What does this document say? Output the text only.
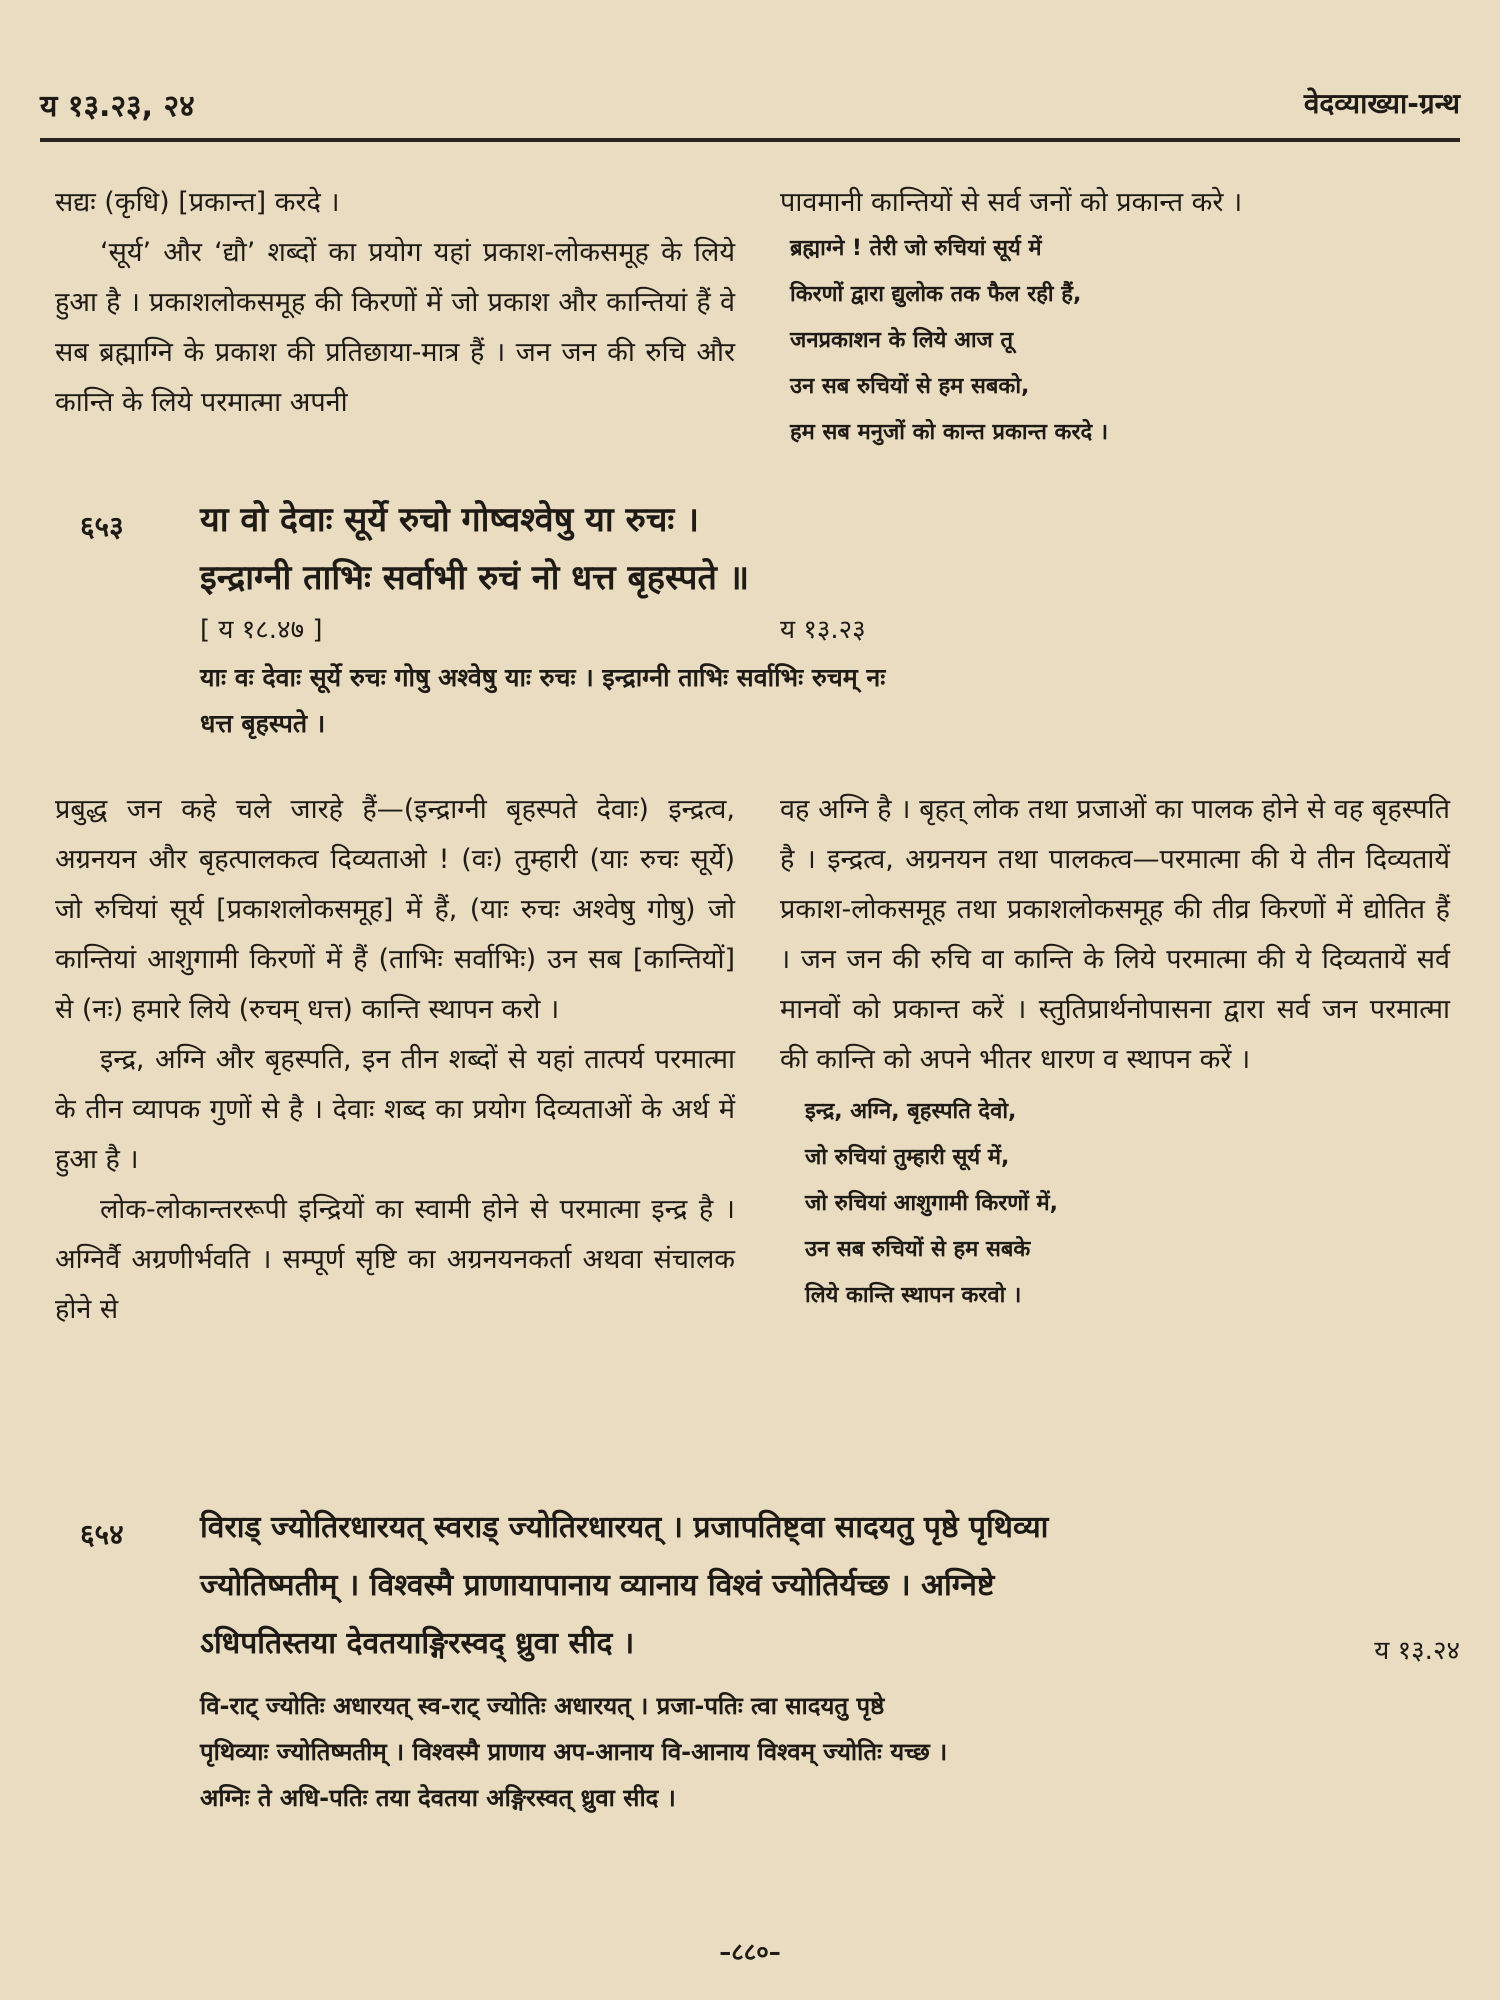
य १३.२३, २४	वेदव्याख्या-ग्रन्थ

सद्यः (कृधि) [प्रकान्त] करदे ।

‘सूर्य’ और ‘द्यौ’ शब्दों का प्रयोग यहां प्रकाश-लोकसमूह के लिये हुआ है । प्रकाशलोकसमूह की किरणों में जो प्रकाश और कान्तियां हैं वे सब ब्रह्माग्नि के प्रकाश की प्रतिछाया-मात्र हैं । जन जन की रुचि और कान्ति के लिये परमात्मा अपनी

पावमानी कान्तियों से सर्व जनों को प्रकान्त करे ।

ब्रह्माग्ने ! तेरी जो रुचियां सूर्य में
किरणों द्वारा द्युलोक तक फैल रही हैं,
जनप्रकाशन के लिये आज तू
उन सब रुचियों से हम सबको,
हम सब मनुजों को कान्त प्रकान्त करदे ।
६५३ या वो देवाः सूर्ये रुचो गोष्वश्वेषु या रुचः ।
इन्द्राग्नी ताभिः सर्वाभी रुचं नो धत्त बृहस्पते ॥
[ य १८.४७ ]	य १३.२३
याः वः देवाः सूर्ये रुचः गोषु अश्वेषु याः रुचः । इन्द्राग्नी ताभिः सर्वाभिः रुचम् नः
धत्त बृहस्पते ।

प्रबुद्ध जन कहे चले जारहे हैं—(इन्द्राग्नी बृहस्पते देवाः) इन्द्रत्व, अग्रनयन और बृहत्पालकत्व दिव्यताओ ! (वः) तुम्हारी (याः रुचः सूर्ये) जो रुचियां सूर्य [प्रकाशलोकसमूह] में हैं, (याः रुचः अश्वेषु गोषु) जो कान्तियां आशुगामी किरणों में हैं (ताभिः सर्वाभिः) उन सब [कान्तियों] से (नः) हमारे लिये (रुचम् धत्त) कान्ति स्थापन करो ।

इन्द्र, अग्नि और बृहस्पति, इन तीन शब्दों से यहां तात्पर्य परमात्मा के तीन व्यापक गुणों से है । देवाः शब्द का प्रयोग दिव्यताओं के अर्थ में हुआ है ।

लोक-लोकान्तररूपी इन्द्रियों का स्वामी होने से परमात्मा इन्द्र है । अग्निर्वै अग्रणीर्भवति । सम्पूर्ण सृष्टि का अग्रनयनकर्ता अथवा संचालक होने से

वह अग्नि है । बृहत् लोक तथा प्रजाओं का पालक होने से वह बृहस्पति है । इन्द्रत्व, अग्रनयन तथा पालकत्व—परमात्मा की ये तीन दिव्यतायें प्रकाश-लोकसमूह तथा प्रकाशलोकसमूह की तीव्र किरणों में द्योतित हैं । जन जन की रुचि वा कान्ति के लिये परमात्मा की ये दिव्यतायें सर्व मानवों को प्रकान्त करें । स्तुतिप्रार्थनोपासना द्वारा सर्व जन परमात्मा की कान्ति को अपने भीतर धारण व स्थापन करें ।

इन्द्र, अग्नि, बृहस्पति देवो,
जो रुचियां तुम्हारी सूर्य में,
जो रुचियां आशुगामी किरणों में,
उन सब रुचियों से हम सबके
लिये कान्ति स्थापन करवो ।
६५४	विराड् ज्योतिरधारयत् स्वराड् ज्योतिरधारयत् । प्रजापतिष्ट्वा सादयतु पृष्ठे पृथिव्या
ज्योतिष्मतीम् । विश्वस्मै प्राणायापानाय व्यानाय विश्वं ज्योतिर्यच्छ । अग्निष्टे
ऽधिपतिस्तया देवतयाङ्गिरस्वद् ध्रुवा सीद ।	य १३.२४
वि-राट् ज्योतिः अधारयत् स्व-राट् ज्योतिः अधारयत् । प्रजा-पतिः त्वा सादयतु पृष्ठे
पृथिव्याः ज्योतिष्मतीम् । विश्वस्मै प्राणाय अप-आनाय वि-आनाय विश्वम् ज्योतिः यच्छ ।
अग्निः ते अधि-पतिः तया देवतया अङ्गिरस्वत् ध्रुवा सीद ।
–८८०–
